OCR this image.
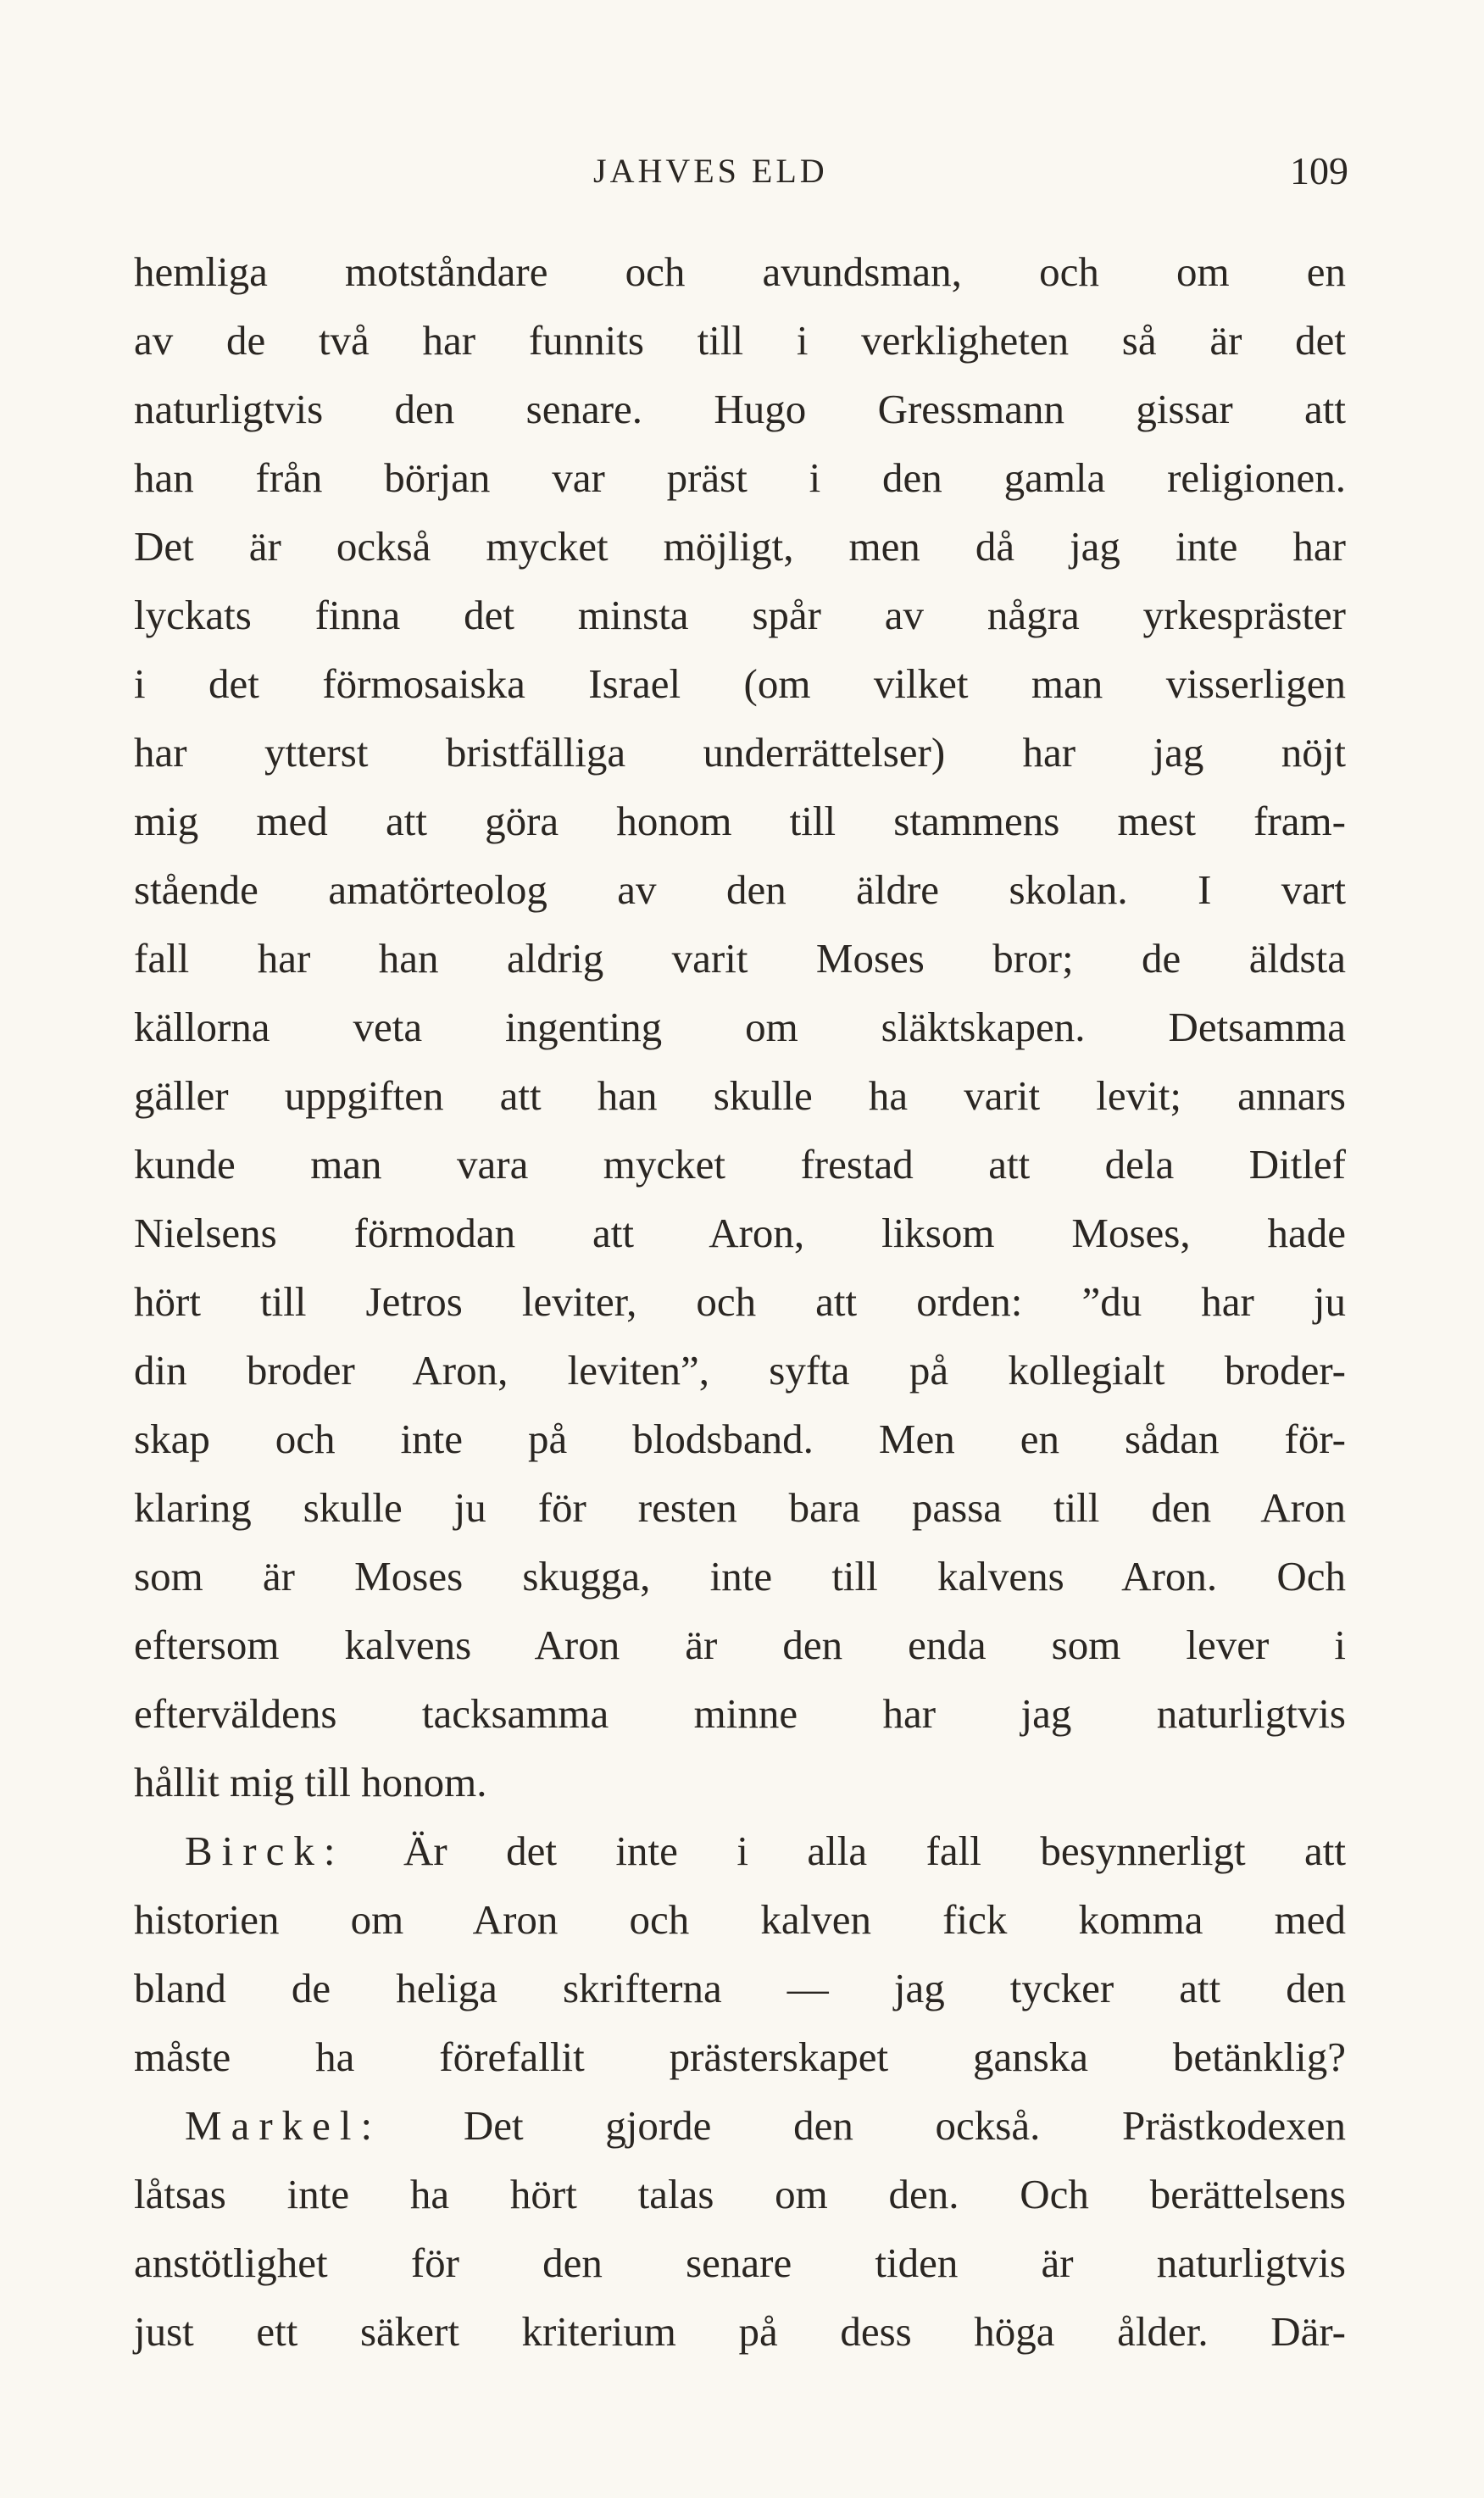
JAHVES ELD	109
hemliga motståndare och avundsman, och om en
av de två har funnits till i verkligheten så är det
naturligtvis den senare. Hugo Gressmann gissar att
han från början var präst i den gamla religionen.
Det är också mycket möjligt, men då jag inte har
lyckats finna det minsta spår av några yrkespräster
i det förmosaiska Israel (om vilket man visserligen
har ytterst bristfälliga underrättelser) har jag nöjt
mig med att göra honom till stammens mest fram-
stående amatörteolog av den äldre skolan. I vart
fall har han aldrig varit Moses bror; de äldsta
källorna veta ingenting om släktskapen. Detsamma
gäller uppgiften att han skulle ha varit levit; annars
kunde man vara mycket frestad att dela Ditlef
Nielsens förmodan att Aron, liksom Moses, hade
hört till Jetros leviter, och att orden: ”du har ju
din broder Aron, leviten”, syfta på kollegialt broder-
skap och inte på blodsband. Men en sådan för-
klaring skulle ju för resten bara passa till den Aron
som är Moses skugga, inte till kalvens Aron. Och
eftersom kalvens Aron är den enda som lever i
efterväldens tacksamma minne har jag naturligtvis
hållit mig till honom.
Birck: Är det inte i alla fall besynnerligt att
historien om Aron och kalven fick komma med
bland de heliga skrifterna — jag tycker att den
måste ha förefallit prästerskapet ganska betänklig?
Markel: Det gjorde den också. Prästkodexen
låtsas inte ha hört talas om den. Och berättelsens
anstötlighet för den senare tiden är naturligtvis
just ett säkert kriterium på dess höga ålder. Där-
